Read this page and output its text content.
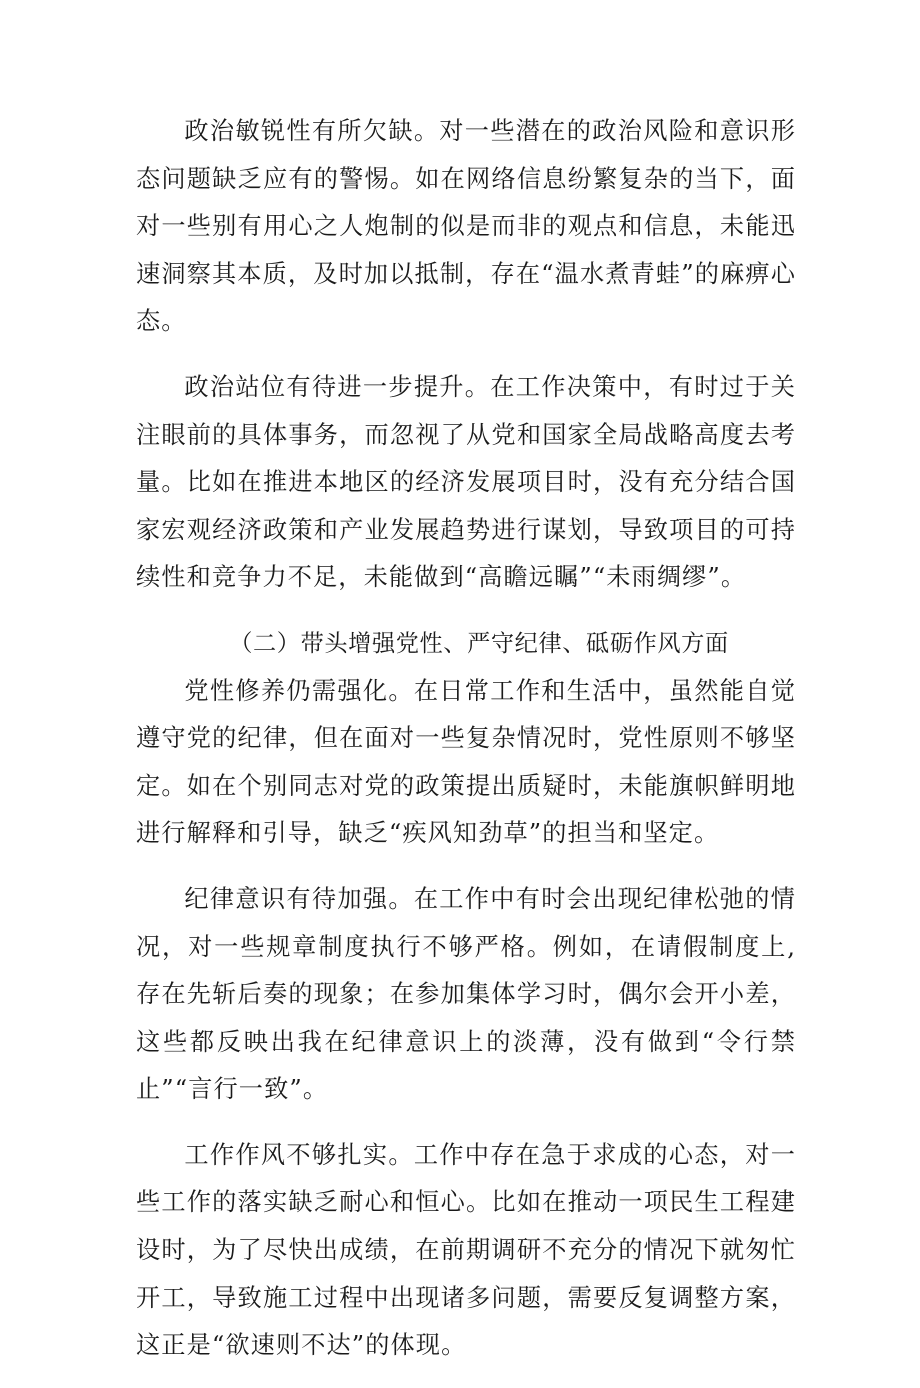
政治敏锐性有所欠缺。对一些潜在的政治风险和意识形态问题缺乏应有的警惕。如在网络信息纷繁复杂的当下，面对一些别有用心之人炮制的似是而非的观点和信息，未能迅速洞察其本质，及时加以抵制，存在“温水煮青蛙”的麻痹心态。

政治站位有待进一步提升。在工作决策中，有时过于关注眼前的具体事务，而忽视了从党和国家全局战略高度去考量。比如在推进本地区的经济发展项目时，没有充分结合国家宏观经济政策和产业发展趋势进行谋划，导致项目的可持续性和竞争力不足，未能做到“高瞻远瞩”“未雨绸缪”。

（二）带头增强党性、严守纪律、砥砺作风方面

党性修养仍需强化。在日常工作和生活中，虽然能自觉遵守党的纪律，但在面对一些复杂情况时，党性原则不够坚定。如在个别同志对党的政策提出质疑时，未能旗帜鲜明地进行解释和引导，缺乏“疾风知劲草”的担当和坚定。

纪律意识有待加强。在工作中有时会出现纪律松弛的情况，对一些规章制度执行不够严格。例如，在请假制度上,存在先斩后奏的现象；在参加集体学习时，偶尔会开小差，这些都反映出我在纪律意识上的淡薄，没有做到“令行禁止”“言行一致”。

工作作风不够扎实。工作中存在急于求成的心态，对一些工作的落实缺乏耐心和恒心。比如在推动一项民生工程建设时，为了尽快出成绩，在前期调研不充分的情况下就匆忙开工，导致施工过程中出现诸多问题，需要反复调整方案，这正是“欲速则不达”的体现。
